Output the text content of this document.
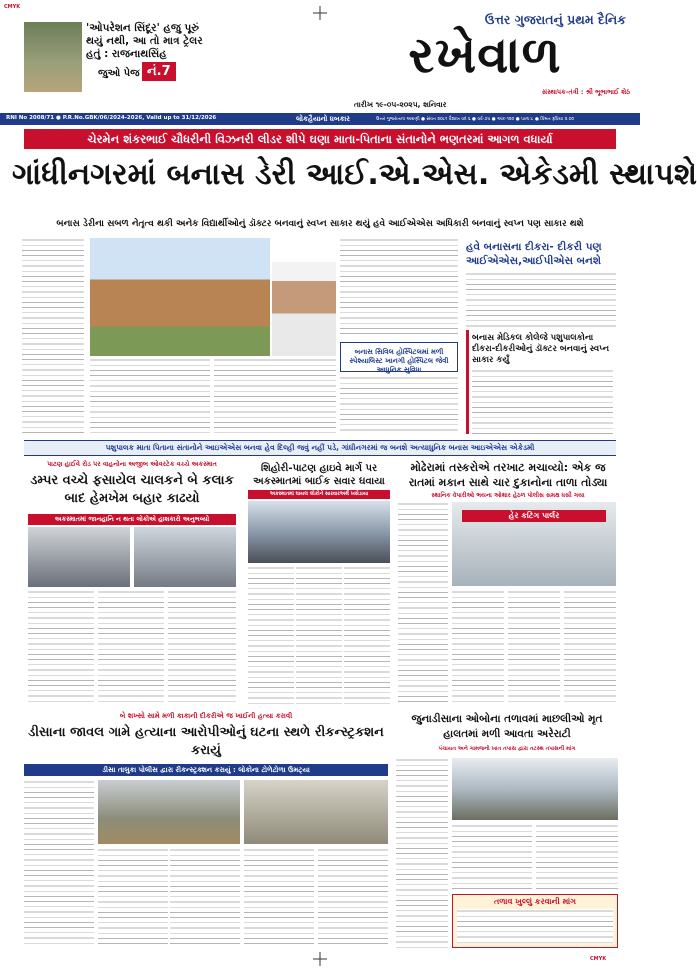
CMYK
'ઓપરેશન સિંદૂર' હજુ પૂરું
થયું નથી, આ તો માત્ર ટ્રેલર
હતું : રાજનાથસિંહ
જુઓ પેજ નં.7
ઉત્તર ગુજરાતનું પ્રથમ દૈનિક
રખેવાળ
સંસ્થાપક-તંત્રી : શ્રી ભૂભાભાઈ શેઠ
તારીખ ૧૯-૦૫-૨૦૨૫, શનિવાર
RNI No 2008/71 ● P.R.No.GBK/06/2024-2026, Valid up to 31/12/2026	લોકહૈયાનો ધબકાર	ઉત્તર ગુજરાતના અગ્રણી ● સંવત ૨૦૮૧ વૈશાખ વદ ૬ ● વર્ષ-૭૫ ● અંક-૧૨૦ ● પાના:૮ ● કિંમત રૂપિયા ૨.૦૦
ચેરમેન શંકરભાઈ ચૌધરીની વિઝનરી લીડર શીપે ઘણા માતા-પિતાના સંતાનોને ભણતરમાં આગળ વધાર્યા
ગાંધીનગરમાં બનાસ ડેરી આઈ.એ.એસ. એકેડમી સ્થાપશે
બનાસ ડેરીના સબળ નેતૃત્વ થકી અનેક વિદ્યાર્થીઓનું ડૉક્ટર બનવાનું સ્વપ્ન સાકાર થયું હવે આઈએએસ અધિકારી બનવાનું સ્વપ્ન પણ સાકાર થશે
બનાસ સિવિલ હોસ્પિટલમાં મળી સ્પેશ્યાલિસ્ટ ખાનગી હોસ્પિટલ જેવી આધુનિક સુવિધા
હવે બનાસના દીકરા- દીકરી પણ આઈએએસ,આઈપીએસ બનશે
બનાસ મેડિકલ કોલેજે પશુપાલકોના દીકરા-દીકરીઓનું ડૉક્ટર બનવાનું સ્વપ્ન સાકાર કર્યું
પશુપાલક માતા પિતાના સંતાનોને આઇએએસ બનવા હેવ દિલ્હી જવું નહીં પડે, ગાંધીનગરમાં જ બનશે અત્યાધુનિક બનાસ આઇએએસ એકેડમી
પાટણ હાઈવે રોડ પર વાહનોના અજીબ ઓવરટેક વચ્ચે અકસ્માત
ડમ્પર વચ્ચે ફસાયેલ ચાલકને બે કલાક બાદ હેમખેમ બહાર કાઢયો
અકસ્માતમાં જાનહાનિ ન થતા લોકોએ હાશકારો અનુભવ્યો
શિહોરી-પાટણ હાઇવે માર્ગ પર અકસ્માતમાં બાઈક સવાર ઘવાયા
અકસ્માતમાં ઘાયલ લોકોને સારવારઅર્થે ખસેડાયા
મોઢેરામાં તસ્કરોએ તરખાટ મચાવ્યો: એક જ રાતમાં મકાન સાથે ચાર દુકાનોના તાળા તોડ્યા
સ્થાનિક વેપારીઓ ભયના ઓથાર હેઠળ પોલીસ સમક્ષ ધસી ગયા
હેર કટિંગ પાર્લર
બે શખ્સો સામે મળી કાકાની દીકરીએ જ ખાઈની હત્યા કરાવી
ડીસાના જાવલ ગામે હત્યાના આરોપીઓનું ઘટના સ્થળે રીકન્સ્ટ્રકશન કરાયું
ડીસા તાલુકા પોલીસ દ્વારા રીકન્સ્ટ્રક્શન કરાયું : લોકોના ટોળેટોળા ઉમટ્યા
જુનાડીસાના ઓબોના તળાવમાં માછલીઓ મૃત હાલતમાં મળી આવતા અરેરાટી
પંચાયત અને ગામજનો ખાત તપાસ દ્વારા તટસ્થ તપાસની માંગ
તળાવ ખુલ્લું કરવાની માંગ
CMYK
